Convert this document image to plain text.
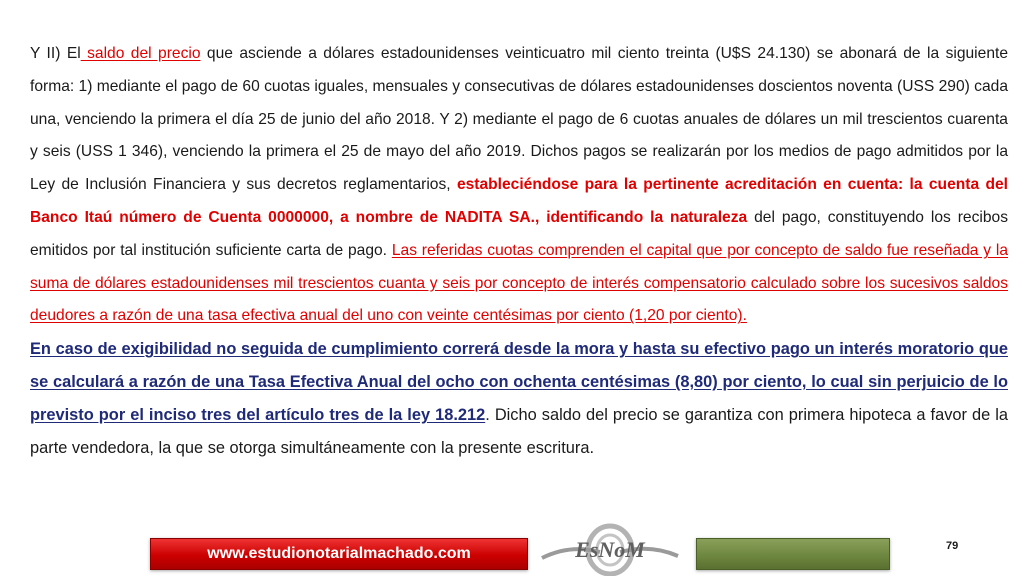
Y II) El saldo del precio que asciende a dólares estadounidenses veinticuatro mil ciento treinta (U$S 24.130) se abonará de la siguiente forma: 1) mediante el pago de 60 cuotas iguales, mensuales y consecutivas de dólares estadounidenses doscientos noventa (USS 290) cada una, venciendo la primera el día 25 de junio del año 2018. Y 2) mediante el pago de 6 cuotas anuales de dólares un mil trescientos cuarenta y seis (USS 1 346), venciendo la primera el 25 de mayo del año 2019. Dichos pagos se realizarán por los medios de pago admitidos por la Ley de Inclusión Financiera y sus decretos reglamentarios, estableciéndose para la pertinente acreditación en cuenta: la cuenta del Banco Itaú número de Cuenta 0000000, a nombre de NADITA SA., identificando la naturaleza del pago, constituyendo los recibos emitidos por tal institución suficiente carta de pago. Las referidas cuotas comprenden el capital que por concepto de saldo fue reseñada y la suma de dólares estadounidenses mil trescientos cuanta y seis por concepto de interés compensatorio calculado sobre los sucesivos saldos deudores a razón de una tasa efectiva anual del uno con veinte centésimas por ciento (1,20 por ciento).

En caso de exigibilidad no seguida de cumplimiento correrá desde la mora y hasta su efectivo pago un interés moratorio que se calculará a razón de una Tasa Efectiva Anual del ocho con ochenta centésimas (8,80) por ciento, lo cual sin perjuicio de lo previsto por el inciso tres del artículo tres de la ley 18.212. Dicho saldo del precio se garantiza con primera hipoteca a favor de la parte vendedora, la que se otorga simultáneamente con la presente escritura.

www.estudionotarialmachado.com	EsNoM	79
